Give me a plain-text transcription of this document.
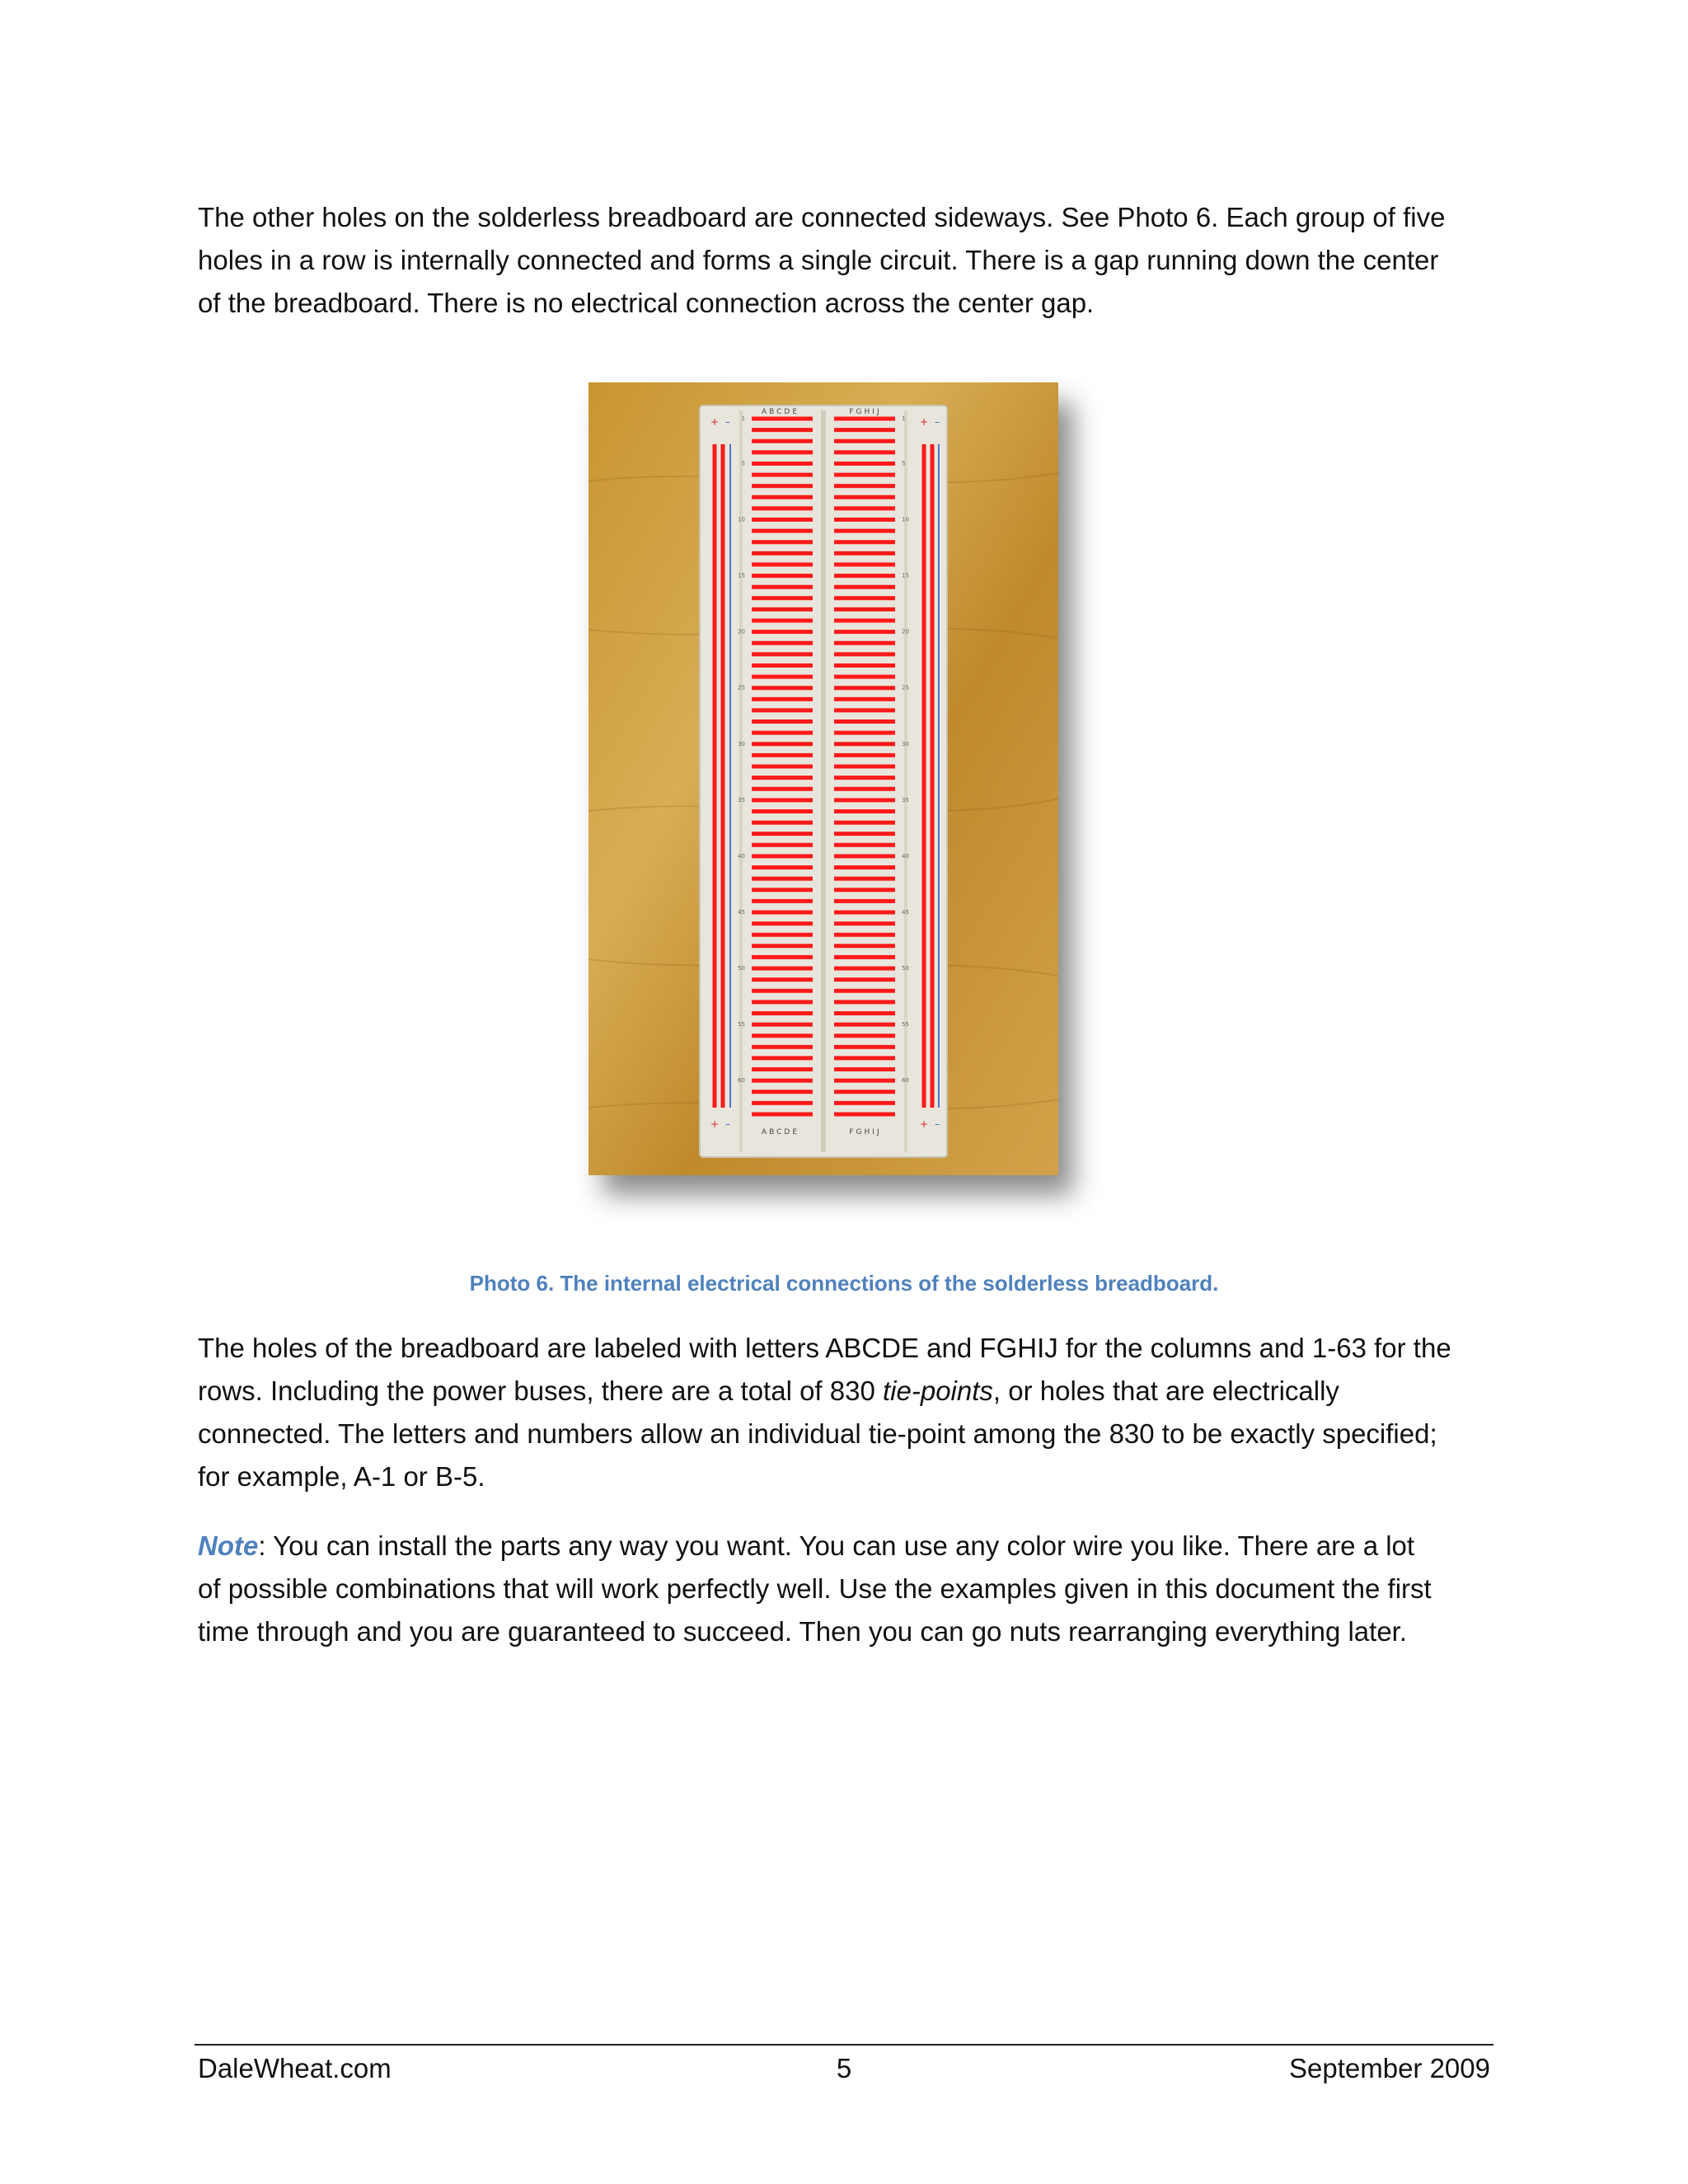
The other holes on the solderless breadboard are connected sideways. See Photo 6. Each group of five
holes in a row is internally connected and forms a single circuit. There is a gap running down the center
of the breadboard. There is no electrical connection across the center gap.
1	1
5	5
10	10
15	15
20	20
25	25
30	30
35	35
40	40
45	45
50	50
55	55
60	60
ABCDE	FGHIJ
ABCDE	FGHIJ
+ –	+ –
+ –	+ –
Photo 6. The internal electrical connections of the solderless breadboard.
The holes of the breadboard are labeled with letters ABCDE and FGHIJ for the columns and 1-63 for the
rows. Including the power buses, there are a total of 830 tie-points, or holes that are electrically
connected. The letters and numbers allow an individual tie-point among the 830 to be exactly specified;
for example, A-1 or B-5.
Note: You can install the parts any way you want. You can use any color wire you like. There are a lot
of possible combinations that will work perfectly well. Use the examples given in this document the first
time through and you are guaranteed to succeed. Then you can go nuts rearranging everything later.
DaleWheat.com	5	September 2009
